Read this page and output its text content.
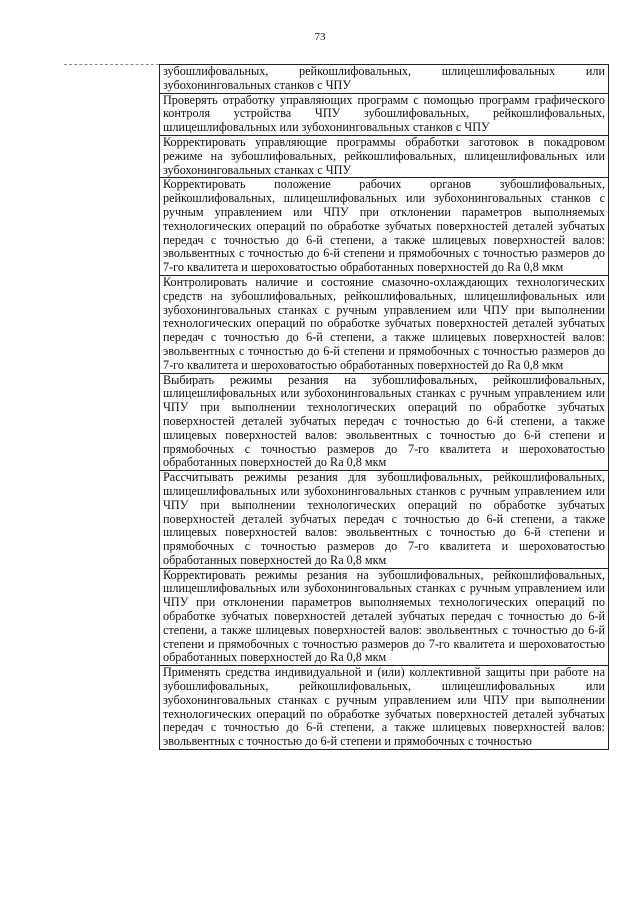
73

зубошлифовальных, рейкошлифовальных, шлицешлифовальных или зубохонинговальных станков с ЧПУ

Проверять отработку управляющих программ с помощью программ графического контроля устройства ЧПУ зубошлифовальных, рейкошлифовальных, шлицешлифовальных или зубохонинговальных станков с ЧПУ

Корректировать управляющие программы обработки заготовок в покадровом режиме на зубошлифовальных, рейкошлифовальных, шлицешлифовальных или зубохонинговальных станках с ЧПУ

Корректировать положение рабочих органов зубошлифовальных, рейкошлифовальных, шлицешлифовальных или зубохонинговальных станков с ручным управлением или ЧПУ при отклонении параметров выполняемых технологических операций по обработке зубчатых поверхностей деталей зубчатых передач с точностью до 6-й степени, а также шлицевых поверхностей валов: эвольвентных с точностью до 6-й степени и прямобочных с точностью размеров до 7-го квалитета и шероховатостью обработанных поверхностей до Ra 0,8 мкм

Контролировать наличие и состояние смазочно-охлаждающих технологических средств на зубошлифовальных, рейкошлифовальных, шлицешлифовальных или зубохонинговальных станках с ручным управлением или ЧПУ при выполнении технологических операций по обработке зубчатых поверхностей деталей зубчатых передач с точностью до 6-й степени, а также шлицевых поверхностей валов: эвольвентных с точностью до 6-й степени и прямобочных с точностью размеров до 7-го квалитета и шероховатостью обработанных поверхностей до Ra 0,8 мкм

Выбирать режимы резания на зубошлифовальных, рейкошлифовальных, шлицешлифовальных или зубохонинговальных станках с ручным управлением или ЧПУ при выполнении технологических операций по обработке зубчатых поверхностей деталей зубчатых передач с точностью до 6-й степени, а также шлицевых поверхностей валов: эвольвентных с точностью до 6-й степени и прямобочных с точностью размеров до 7-го квалитета и шероховатостью обработанных поверхностей до Ra 0,8 мкм

Рассчитывать режимы резания для зубошлифовальных, рейкошлифовальных, шлицешлифовальных или зубохонинговальных станков с ручным управлением или ЧПУ при выполнении технологических операций по обработке зубчатых поверхностей деталей зубчатых передач с точностью до 6-й степени, а также шлицевых поверхностей валов: эвольвентных с точностью до 6-й степени и прямобочных с точностью размеров до 7-го квалитета и шероховатостью обработанных поверхностей до Ra 0,8 мкм

Корректировать режимы резания на зубошлифовальных, рейкошлифовальных, шлицешлифовальных или зубохонинговальных станках с ручным управлением или ЧПУ при отклонении параметров выполняемых технологических операций по обработке зубчатых поверхностей деталей зубчатых передач с точностью до 6-й степени, а также шлицевых поверхностей валов: эвольвентных с точностью до 6-й степени и прямобочных с точностью размеров до 7-го квалитета и шероховатостью обработанных поверхностей до Ra 0,8 мкм

Применять средства индивидуальной и (или) коллективной защиты при работе на зубошлифовальных, рейкошлифовальных, шлицешлифовальных или зубохонинговальных станках с ручным управлением или ЧПУ при выполнении технологических операций по обработке зубчатых поверхностей деталей зубчатых передач с точностью до 6-й степени, а также шлицевых поверхностей валов: эвольвентных с точностью до 6-й степени и прямобочных с точностью
